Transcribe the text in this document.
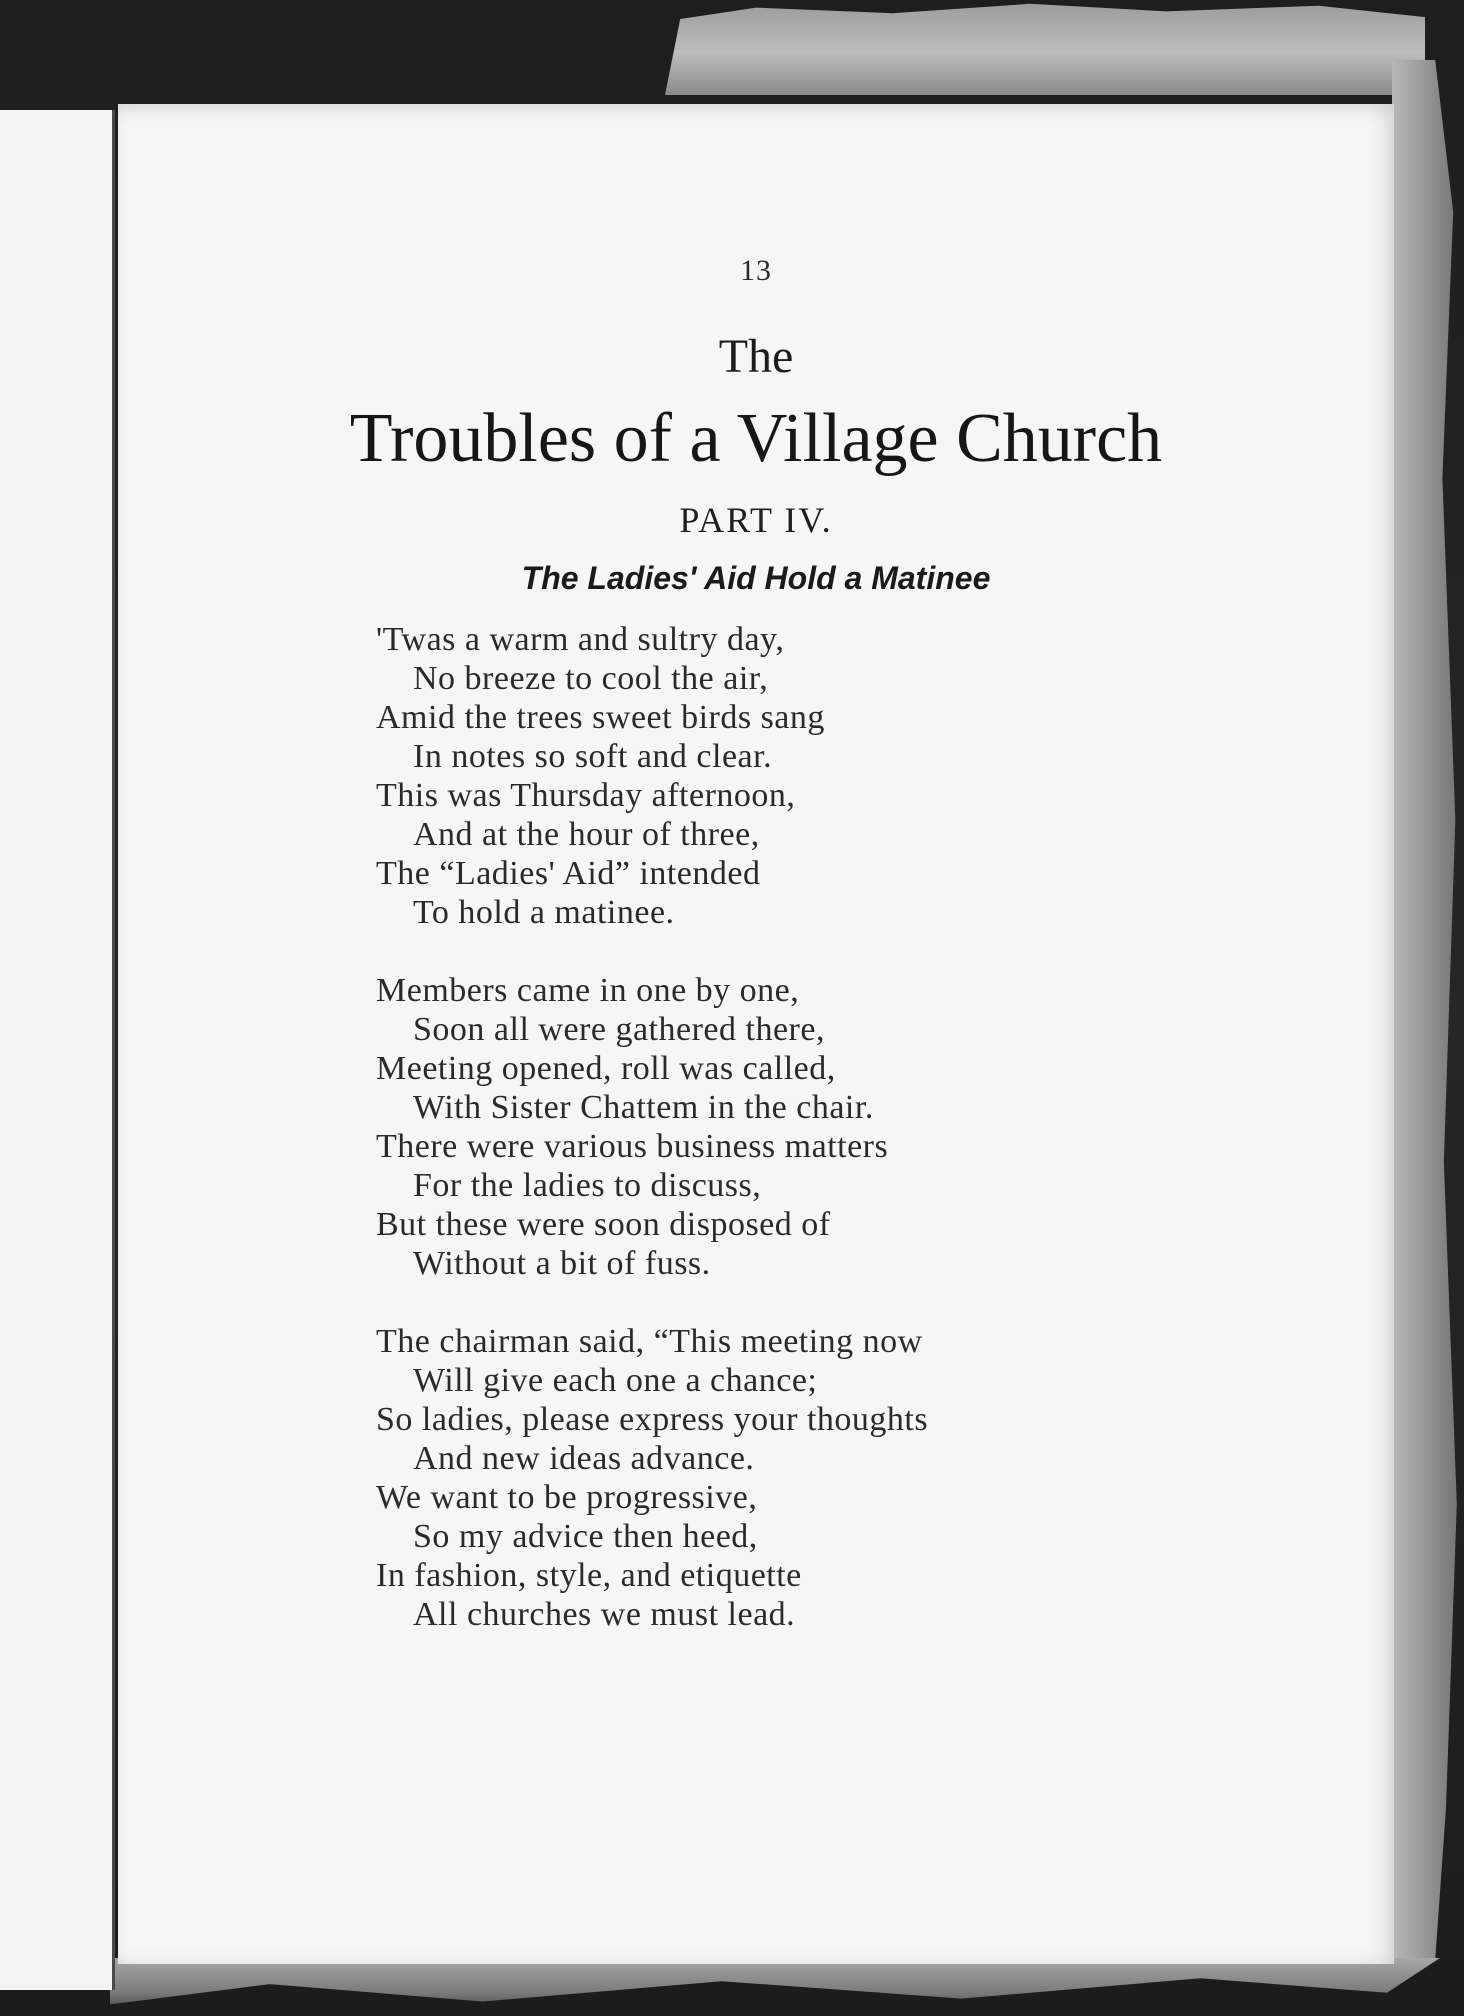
13
The
Troubles of a Village Church
PART IV.
The Ladies' Aid Hold a Matinee
'Twas a warm and sultry day,
No breeze to cool the air,
Amid the trees sweet birds sang
In notes so soft and clear.
This was Thursday afternoon,
And at the hour of three,
The “Ladies' Aid” intended
To hold a matinee.
Members came in one by one,
Soon all were gathered there,
Meeting opened, roll was called,
With Sister Chattem in the chair.
There were various business matters
For the ladies to discuss,
But these were soon disposed of
Without a bit of fuss.
The chairman said, “This meeting now
Will give each one a chance;
So ladies, please express your thoughts
And new ideas advance.
We want to be progressive,
So my advice then heed,
In fashion, style, and etiquette
All churches we must lead.
